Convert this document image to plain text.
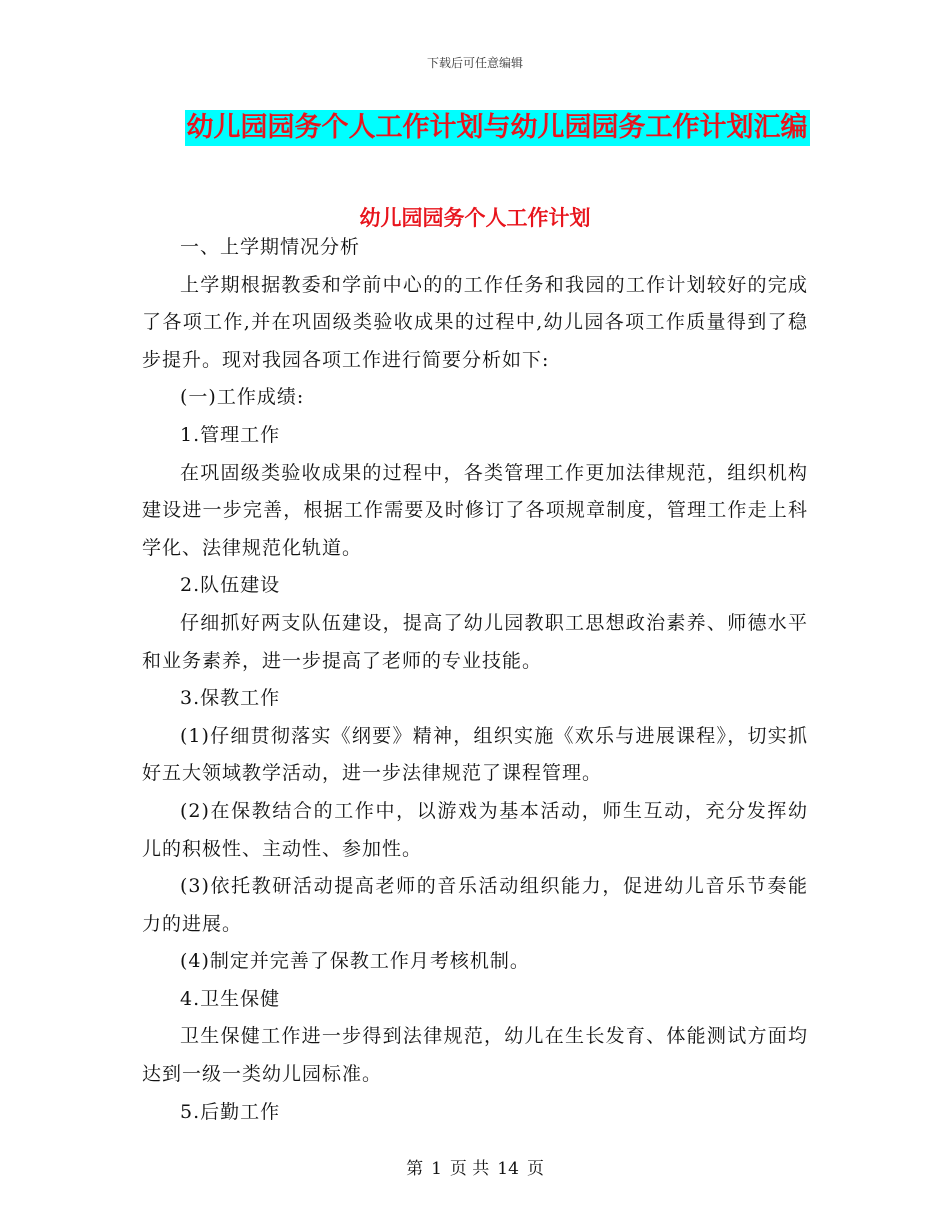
下载后可任意编辑
幼儿园园务个人工作计划与幼儿园园务工作计划汇编
幼儿园园务个人工作计划

一、上学期情况分析

上学期根据教委和学前中心的的工作任务和我园的工作计划较好的完成了各项工作,并在巩固级类验收成果的过程中,幼儿园各项工作质量得到了稳步提升。现对我园各项工作进行简要分析如下:

(一)工作成绩:

1.管理工作

在巩固级类验收成果的过程中，各类管理工作更加法律规范，组织机构建设进一步完善，根据工作需要及时修订了各项规章制度，管理工作走上科学化、法律规范化轨道。

2.队伍建设

仔细抓好两支队伍建设，提高了幼儿园教职工思想政治素养、师德水平和业务素养，进一步提高了老师的专业技能。

3.保教工作

(1)仔细贯彻落实《纲要》精神，组织实施《欢乐与进展课程》，切实抓好五大领域教学活动，进一步法律规范了课程管理。

(2)在保教结合的工作中，以游戏为基本活动，师生互动，充分发挥幼儿的积极性、主动性、参加性。

(3)依托教研活动提高老师的音乐活动组织能力，促进幼儿音乐节奏能力的进展。

(4)制定并完善了保教工作月考核机制。

4.卫生保健

卫生保健工作进一步得到法律规范，幼儿在生长发育、体能测试方面均达到一级一类幼儿园标准。

5.后勤工作

第 1 页 共 14 页
